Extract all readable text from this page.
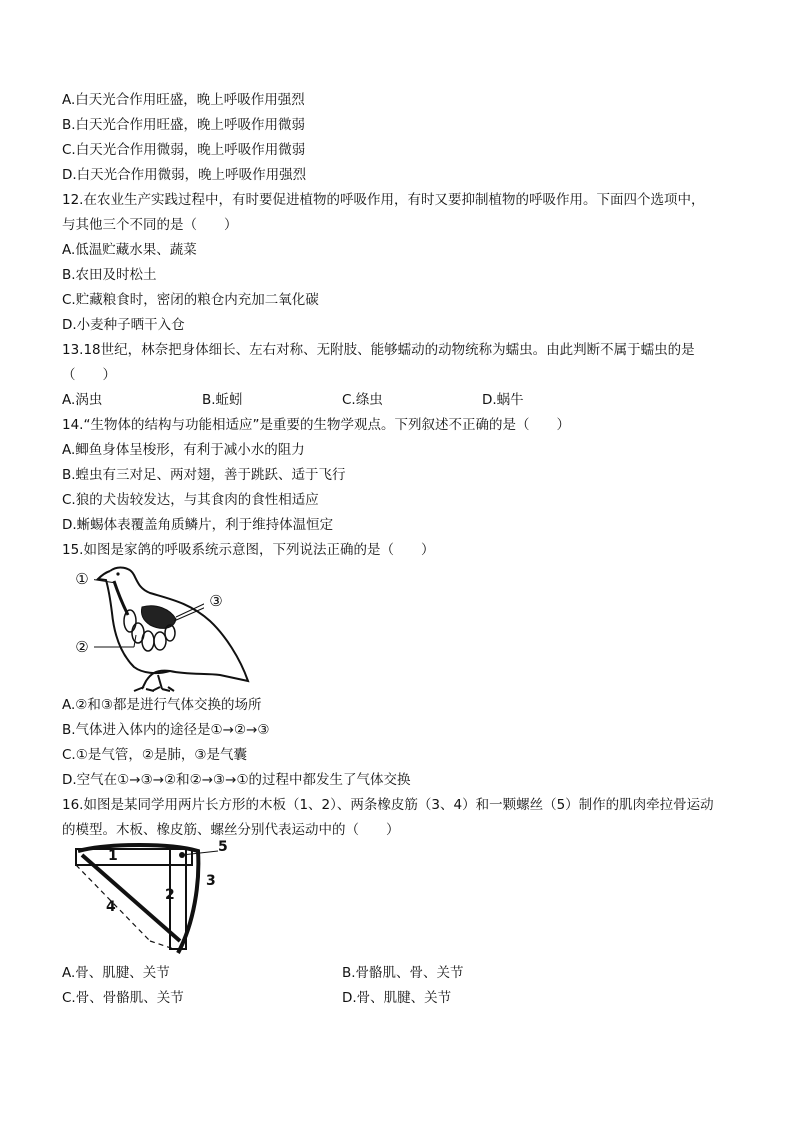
A.白天光合作用旺盛，晚上呼吸作用强烈
B.白天光合作用旺盛，晚上呼吸作用微弱
C.白天光合作用微弱，晚上呼吸作用微弱
D.白天光合作用微弱，晚上呼吸作用强烈
12.在农业生产实践过程中，有时要促进植物的呼吸作用，有时又要抑制植物的呼吸作用。下面四个选项中，
与其他三个不同的是（　　）
A.低温贮藏水果、蔬菜
B.农田及时松土
C.贮藏粮食时，密闭的粮仓内充加二氧化碳
D.小麦种子晒干入仓
13.18世纪，林奈把身体细长、左右对称、无附肢、能够蠕动的动物统称为蠕虫。由此判断不属于蠕虫的是
（　　）
A.涡虫	B.蚯蚓	C.绦虫	D.蜗牛
14.“生物体的结构与功能相适应”是重要的生物学观点。下列叙述不正确的是（　　）
A.鲫鱼身体呈梭形，有利于减小水的阻力
B.蝗虫有三对足、两对翅，善于跳跃、适于飞行
C.狼的犬齿较发达，与其食肉的食性相适应
D.蜥蜴体表覆盖角质鳞片，利于维持体温恒定
15.如图是家鸽的呼吸系统示意图，下列说法正确的是（　　）
①
②
③
A.②和③都是进行气体交换的场所
B.气体进入体内的途径是①→②→③
C.①是气管，②是肺，③是气囊
D.空气在①→③→②和②→③→①的过程中都发生了气体交换
16.如图是某同学用两片长方形的木板（1、2）、两条橡皮筋（3、4）和一颗螺丝（5）制作的肌肉牵拉骨运动
的模型。木板、橡皮筋、螺丝分别代表运动中的（　　）
1
2
3
4
5
A.骨、肌腱、关节	B.骨骼肌、骨、关节
C.骨、骨骼肌、关节	D.骨、肌腱、关节
